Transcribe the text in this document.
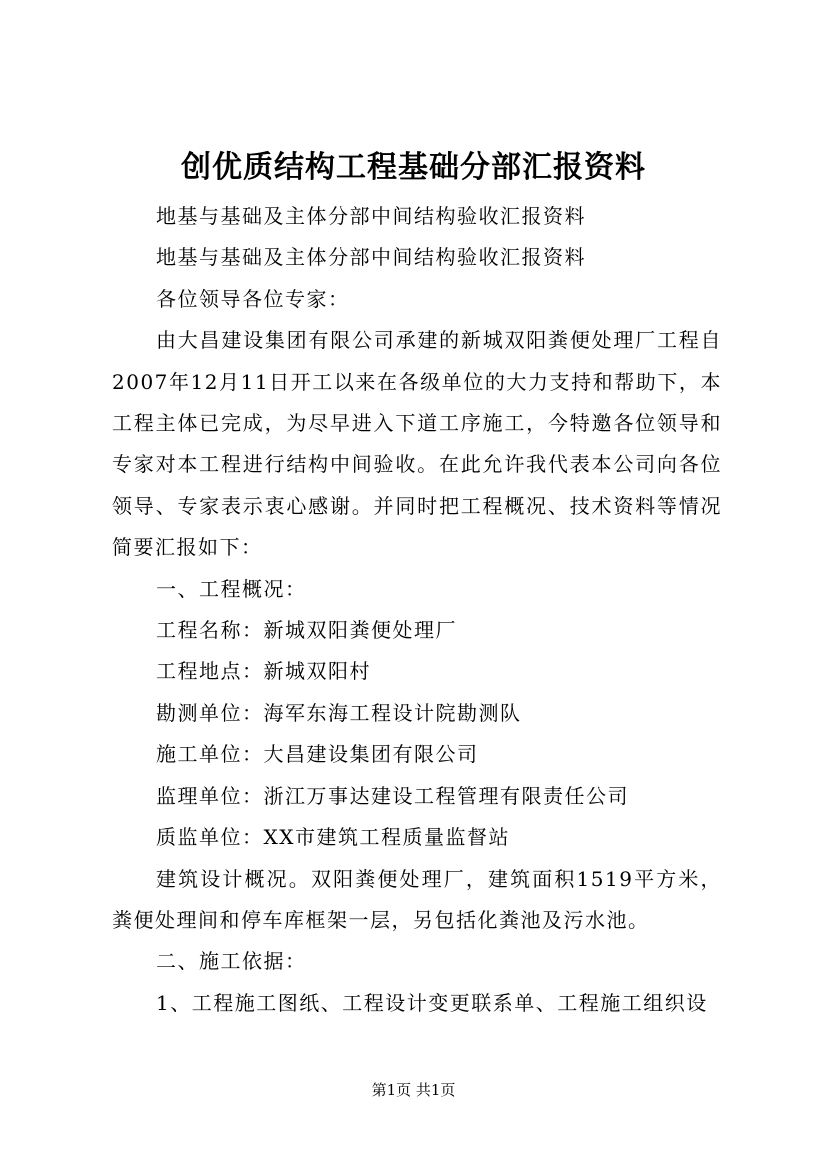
创优质结构工程基础分部汇报资料

地基与基础及主体分部中间结构验收汇报资料

地基与基础及主体分部中间结构验收汇报资料

各位领导各位专家：

由大昌建设集团有限公司承建的新城双阳粪便处理厂工程自2007年12月11日开工以来在各级单位的大力支持和帮助下，本工程主体已完成，为尽早进入下道工序施工，今特邀各位领导和专家对本工程进行结构中间验收。在此允许我代表本公司向各位领导、专家表示衷心感谢。并同时把工程概况、技术资料等情况简要汇报如下：

一、工程概况：

工程名称：新城双阳粪便处理厂

工程地点：新城双阳村

勘测单位：海军东海工程设计院勘测队

施工单位：大昌建设集团有限公司

监理单位：浙江万事达建设工程管理有限责任公司

质监单位：XX市建筑工程质量监督站

建筑设计概况。双阳粪便处理厂，建筑面积1519平方米，粪便处理间和停车库框架一层，另包括化粪池及污水池。

二、施工依据：

1、工程施工图纸、工程设计变更联系单、工程施工组织设

第1页 共1页
